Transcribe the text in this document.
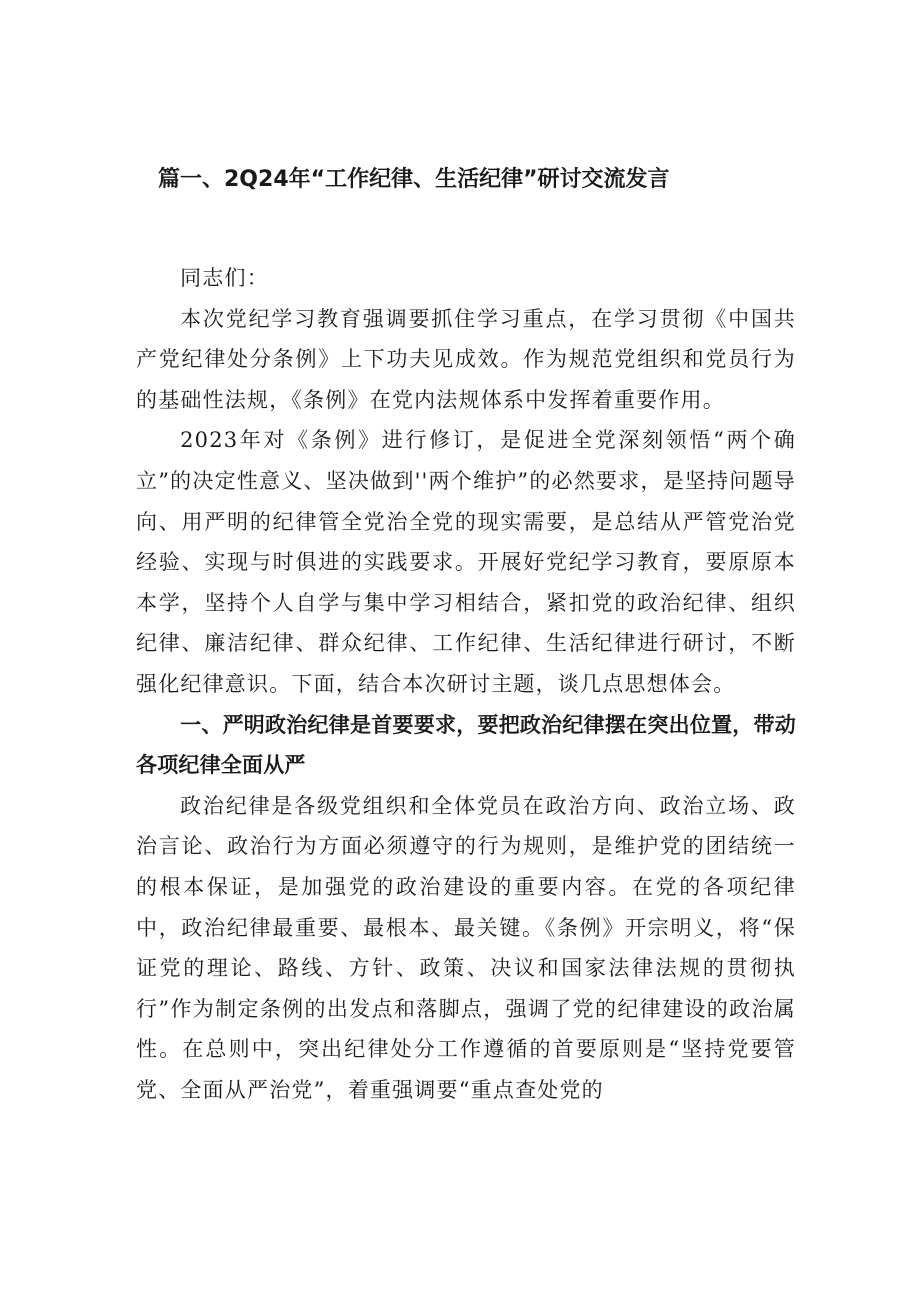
篇一、2Q24年“工作纪律、生活纪律”研讨交流发言

同志们：

本次党纪学习教育强调要抓住学习重点，在学习贯彻《中国共产党纪律处分条例》上下功夫见成效。作为规范党组织和党员行为的基础性法规，《条例》在党内法规体系中发挥着重要作用。

2023年对《条例》进行修订，是促进全党深刻领悟“两个确立”的决定性意义、坚决做到''两个维护”的必然要求，是坚持问题导向、用严明的纪律管全党治全党的现实需要，是总结从严管党治党经验、实现与时俱进的实践要求。开展好党纪学习教育，要原原本本学，坚持个人自学与集中学习相结合，紧扣党的政治纪律、组织纪律、廉洁纪律、群众纪律、工作纪律、生活纪律进行研讨，不断强化纪律意识。下面，结合本次研讨主题，谈几点思想体会。

一、严明政治纪律是首要要求，要把政治纪律摆在突出位置，带动各项纪律全面从严

政治纪律是各级党组织和全体党员在政治方向、政治立场、政治言论、政治行为方面必须遵守的行为规则，是维护党的团结统一的根本保证，是加强党的政治建设的重要内容。在党的各项纪律中，政治纪律最重要、最根本、最关键。《条例》开宗明义，将“保证党的理论、路线、方针、政策、决议和国家法律法规的贯彻执行”作为制定条例的出发点和落脚点，强调了党的纪律建设的政治属性。在总则中，突出纪律处分工作遵循的首要原则是“坚持党要管党、全面从严治党”，着重强调要“重点查处党的
